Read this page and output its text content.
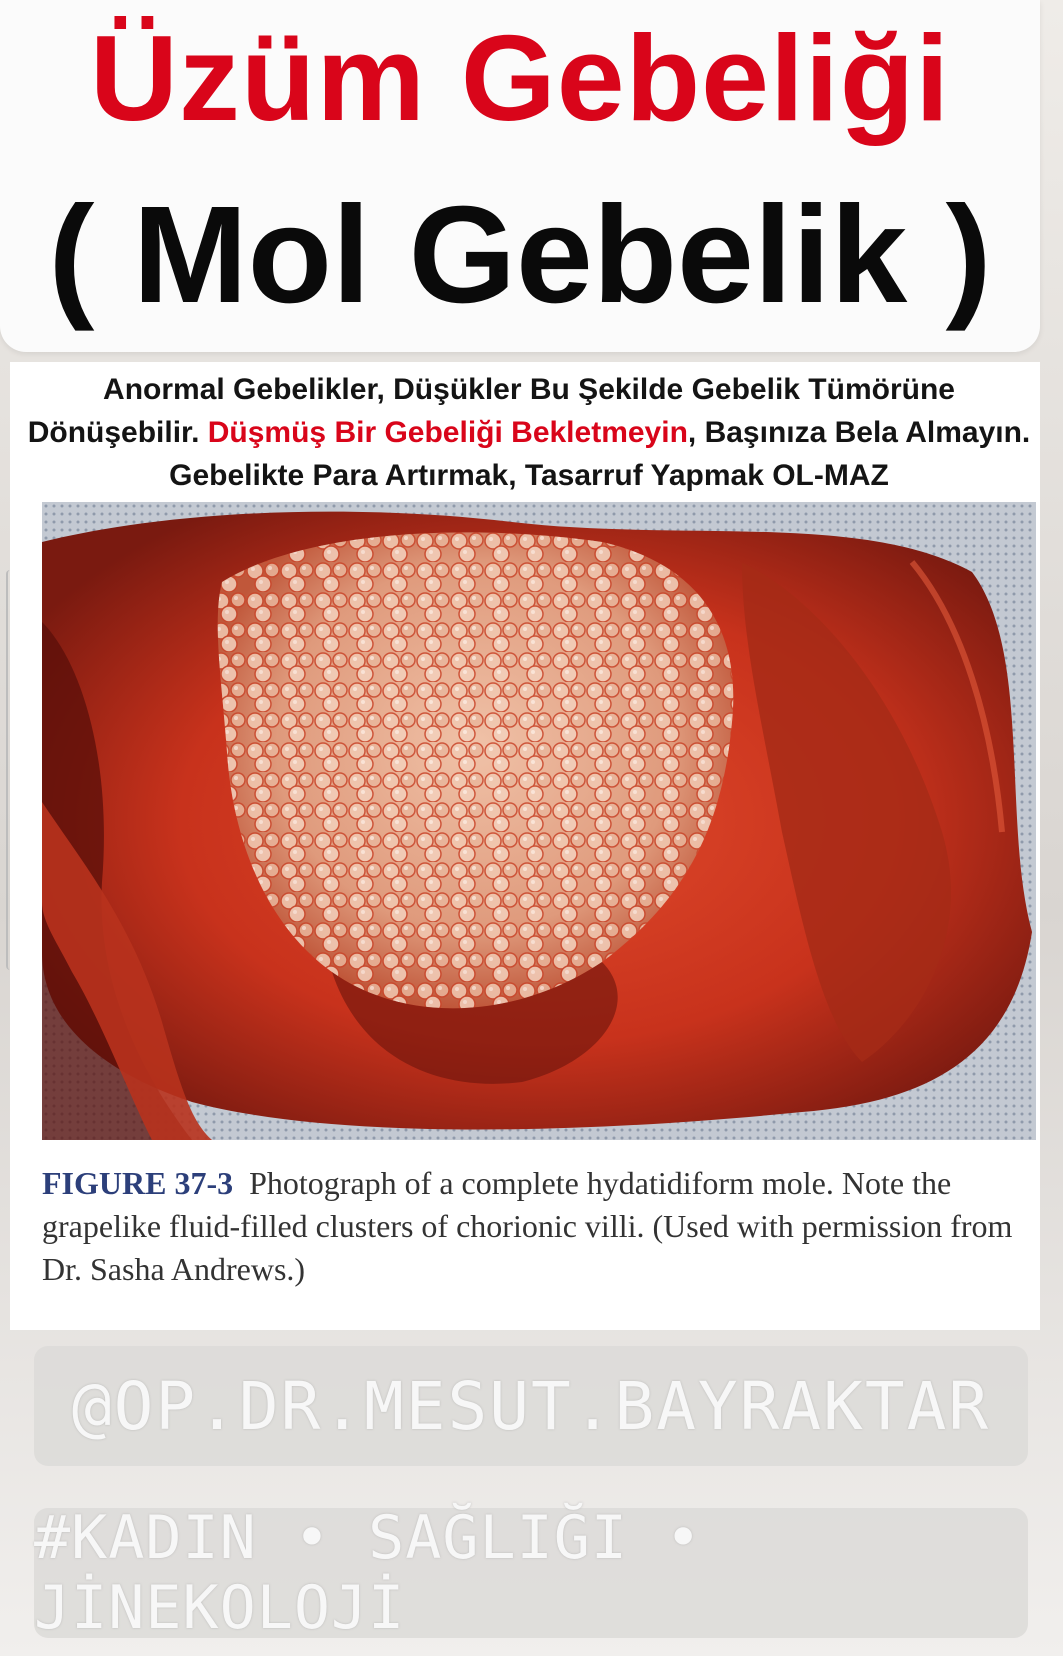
Üzüm Gebeliği
( Mol Gebelik )
Anormal Gebelikler, Düşükler Bu Şekilde Gebelik Tümörüne Dönüşebilir. Düşmüş Bir Gebeliği Bekletmeyin, Başınıza Bela Almayın. Gebelikte Para Artırmak, Tasarruf Yapmak OL-MAZ
FIGURE 37-3 Photograph of a complete hydatidiform mole. Note the grapelike fluid-filled clusters of chorionic villi. (Used with permission from Dr. Sasha Andrews.)
@OP.DR.MESUT.BAYRAKTAR
#KADIN • SAĞLIĞI • JİNEKOLOJİ
